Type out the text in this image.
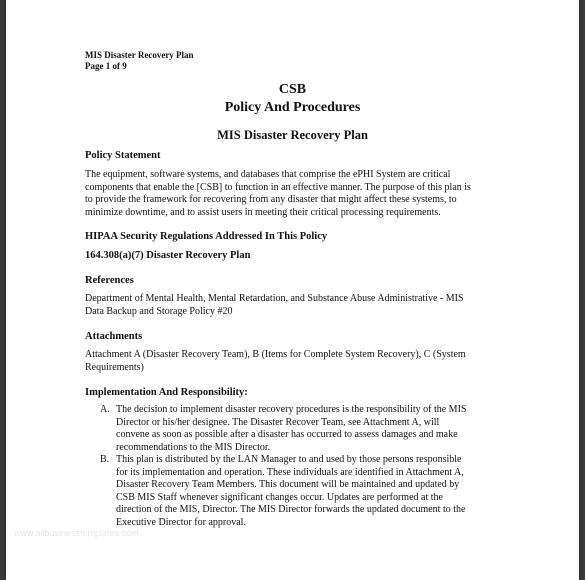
MIS Disaster Recovery Plan
Page 1 of 9
CSB
Policy And Procedures
MIS Disaster Recovery Plan
Policy Statement
The equipment, software systems, and databases that comprise the ePHI System are critical
components that enable the [CSB] to function in an effective manner. The purpose of this plan is
to provide the framework for recovering from any disaster that might affect these systems, to
minimize downtime, and to assist users in meeting their critical processing requirements.
HIPAA Security Regulations Addressed In This Policy
164.308(a)(7) Disaster Recovery Plan
References
Department of Mental Health, Mental Retardation, and Substance Abuse Administrative - MIS
Data Backup and Storage Policy #20
Attachments
Attachment A (Disaster Recovery Team), B (Items for Complete System Recovery), C (System
Requirements)
Implementation And Responsibility:
A. The decision to implement disaster recovery procedures is the responsibility of the MIS
Director or his/her designee. The Disaster Recover Team, see Attachment A, will
convene as soon as possible after a disaster has occurred to assess damages and make
recommendations to the MIS Director.
B. This plan is distributed by the LAN Manager to and used by those persons responsible
for its implementation and operation. These individuals are identified in Attachment A,
Disaster Recovery Team Members. This document will be maintained and updated by
CSB MIS Staff whenever significant changes occur. Updates are performed at the
direction of the MIS, Director. The MIS Director forwards the updated document to the
Executive Director for approval.
www.allbusinesstemplates.com
